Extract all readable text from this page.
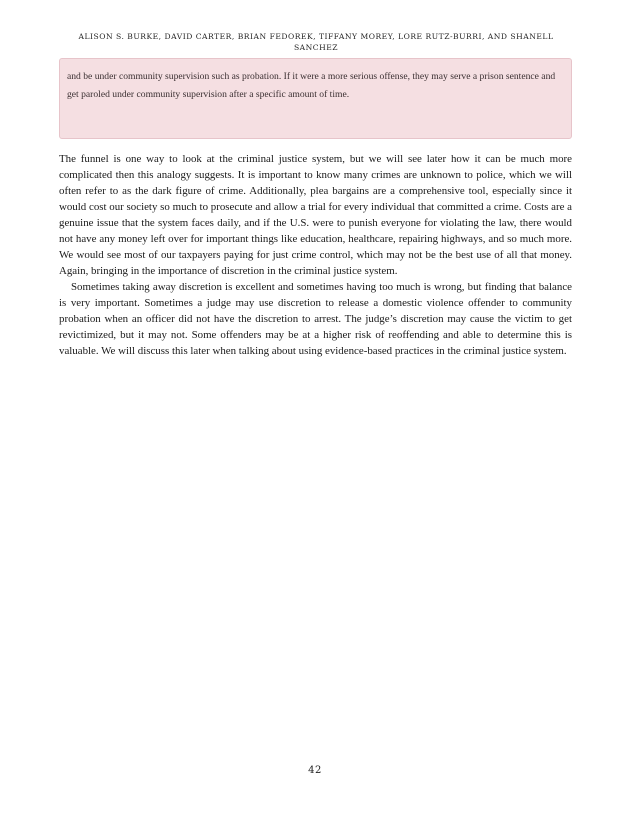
ALISON S. BURKE, DAVID CARTER, BRIAN FEDOREK, TIFFANY MOREY, LORE RUTZ-BURRI, AND SHANELL SANCHEZ
and be under community supervision such as probation. If it were a more serious offense, they may serve a prison sentence and get paroled under community supervision after a specific amount of time.

The funnel is one way to look at the criminal justice system, but we will see later how it can be much more complicated then this analogy suggests. It is important to know many crimes are unknown to police, which we will often refer to as the dark figure of crime. Additionally, plea bargains are a comprehensive tool, especially since it would cost our society so much to prosecute and allow a trial for every individual that committed a crime. Costs are a genuine issue that the system faces daily, and if the U.S. were to punish everyone for violating the law, there would not have any money left over for important things like education, healthcare, repairing highways, and so much more. We would see most of our taxpayers paying for just crime control, which may not be the best use of all that money. Again, bringing in the importance of discretion in the criminal justice system.

Sometimes taking away discretion is excellent and sometimes having too much is wrong, but finding that balance is very important. Sometimes a judge may use discretion to release a domestic violence offender to community probation when an officer did not have the discretion to arrest. The judge’s discretion may cause the victim to get revictimized, but it may not. Some offenders may be at a higher risk of reoffending and able to determine this is valuable. We will discuss this later when talking about using evidence-based practices in the criminal justice system.

42
